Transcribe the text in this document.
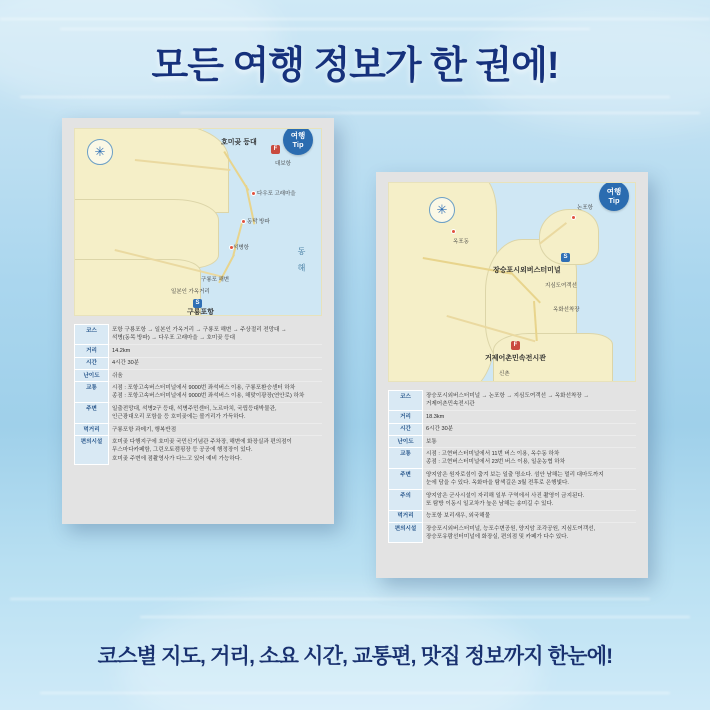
모든 여행 정보가 한 권에!
F
대보항
다우포 고래마을
동막 방파
석병항
구룡포 해변
일본인 가옥거리
S
구룡포항
호미곶 등대
동 해
✳
여행
Tip
코스	포항 구룡포항 → 일본인 가옥거리 → 구룡포 해변 → 주상절리 전망대 →
석병(동목 방파) → 다우포 고래마을 → 호미곶 등대

거리	14.2km

시간	4시간 30분

난이도	쉬움

교통	시점 : 포항고속버스터미널에서 9000번 좌석버스 이용, 구룡포환승센터 하차
종점 : 포항고속버스터미널에서 9000번 좌석버스 이용, 해맞이광장(연안로) 하차

주변	일출전망대, 석병2구 등대, 석병주민센터, 노르마치, 국립등대박물관,
인근광대오리 포함을 등 호미곶에는 볼거리가 가득하다.

먹거리	구룡포항 과메기, 행복반점

편의시설	호미곶 다행지구에 호미곶 국민신기념관 주차장, 해변에 화장실과 편의점이
무스마다카페함, 그린오토캠핑장 등 공공에 행정장이 있다.
호미곶 주변에 점촬영사가 다느고 있어 예비 가능하다.
논포항
S
장승포시외버스터미널
지심도여객선
옥화선착장
옥포동
F
거제어촌민속전시관
신촌
✳
여행
Tip
코스	장승포시외버스터미널 → 논포항 → 지심도여객선 → 옥화선착장 →
거제어촌민속전시관

거리	18.3km

시간	6시간 30분

난이도	보통

교통	시점 : 고현버스터미널에서 11번 버스 이용, 옥수동 하차
종점 : 고현버스터미널에서 23번 버스 이용, 일운농협 하차

주변	양지암은 원자로섬이 춤겨 보는 일출 명소다. 섬안 남해는 멀리 대마도까지
눈에 담을 수 있다. 옥화마을 탐색길은 3월 전후로 은행빛다.

주의	양지암은 군사시설이 자리해 일부 구역에서 사진 촬영이 금지된다.
또 탐방 이동시 일교차가 높은 남해는 송미길 수 있다.

먹거리	능포항 보리새우, 외국해물

편의시설	장승포시외버스터미널, 능포수변공원, 양지암 조각공원, 지심도여객선,
장승포유람선터미널에 화장실, 편의점 및 카페가 다수 있다.
코스별 지도, 거리, 소요 시간, 교통편, 맛집 정보까지 한눈에!
